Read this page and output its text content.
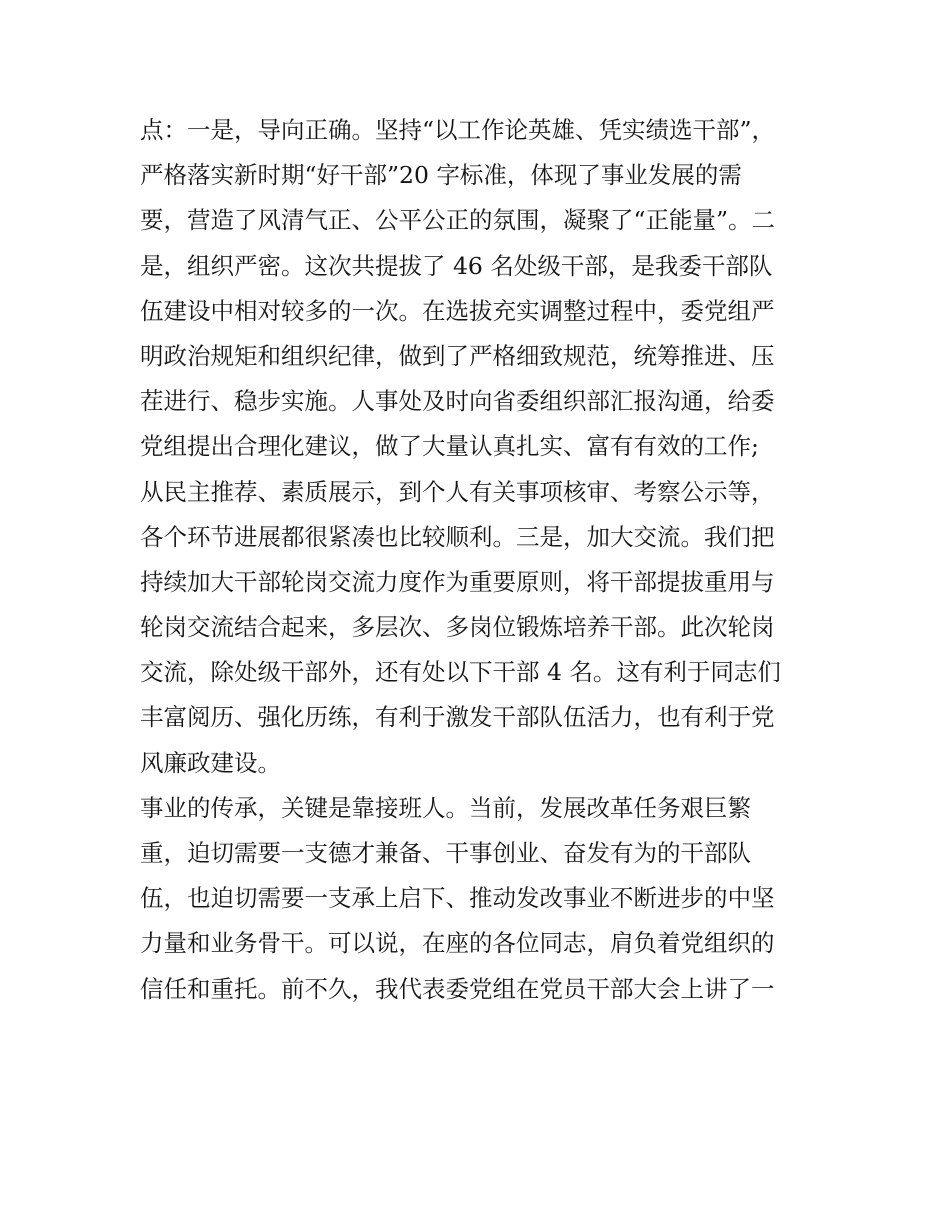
点：一是，导向正确。坚持“以工作论英雄、凭实绩选干部”，
严格落实新时期“好干部”20 字标准，体现了事业发展的需
要，营造了风清气正、公平公正的氛围，凝聚了“正能量”。二
是，组织严密。这次共提拔了 46 名处级干部，是我委干部队
伍建设中相对较多的一次。在选拔充实调整过程中，委党组严
明政治规矩和组织纪律，做到了严格细致规范，统筹推进、压
茬进行、稳步实施。人事处及时向省委组织部汇报沟通，给委
党组提出合理化建议，做了大量认真扎实、富有有效的工作;
从民主推荐、素质展示，到个人有关事项核审、考察公示等，
各个环节进展都很紧凑也比较顺利。三是，加大交流。我们把
持续加大干部轮岗交流力度作为重要原则，将干部提拔重用与
轮岗交流结合起来，多层次、多岗位锻炼培养干部。此次轮岗
交流，除处级干部外，还有处以下干部 4 名。这有利于同志们
丰富阅历、强化历练，有利于激发干部队伍活力，也有利于党
风廉政建设。
事业的传承，关键是靠接班人。当前，发展改革任务艰巨繁
重，迫切需要一支德才兼备、干事创业、奋发有为的干部队
伍，也迫切需要一支承上启下、推动发改事业不断进步的中坚
力量和业务骨干。可以说，在座的各位同志，肩负着党组织的
信任和重托。前不久，我代表委党组在党员干部大会上讲了一
